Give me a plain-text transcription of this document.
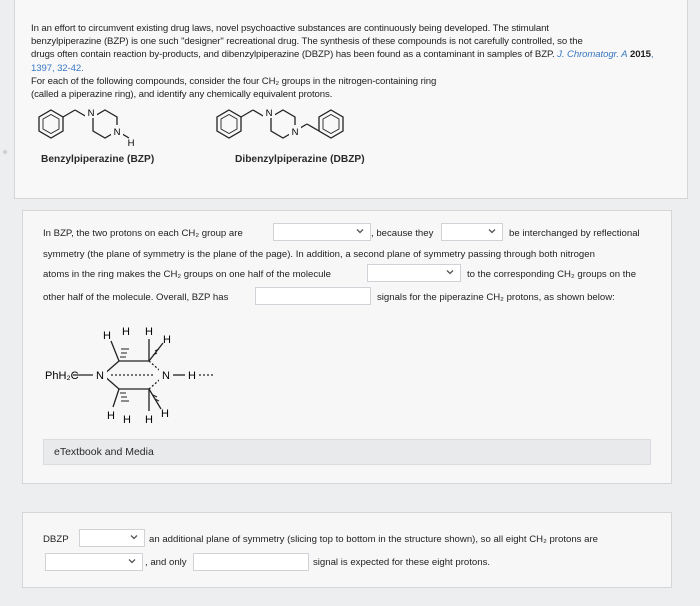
In an effort to circumvent existing drug laws, novel psychoactive substances are continuously being developed. The stimulant
benzylpiperazine (BZP) is one such "designer" recreational drug. The synthesis of these compounds is not carefully controlled, so the
drugs often contain reaction by-products, and dibenzylpiperazine (DBZP) has been found as a contaminant in samples of BZP. J. Chromatogr. A 2015, 1397, 32-42.
For each of the following compounds, consider the four CH₂ groups in the nitrogen-containing ring
(called a piperazine ring), and identify any chemically equivalent protons.
N
N
H
Benzylpiperazine (BZP)
N
N
Dibenzylpiperazine (DBZP)
In BZP, the two protons on each CH₂ group are	, because they	be interchanged by reflectional
symmetry (the plane of symmetry is the plane of the page). In addition, a second plane of symmetry passing through both nitrogen
atoms in the ring makes the CH₂ groups on one half of the molecule	to the corresponding CH₂ groups on the
other half of the molecule. Overall, BZP has	signals for the piperazine CH₂ protons, as shown below:
PhH₂C N	N H
H H H
H
H H H H
eTextbook and Media
DBZP	an additional plane of symmetry (slicing top to bottom in the structure shown), so all eight CH₂ protons are
, and only	signal is expected for these eight protons.
